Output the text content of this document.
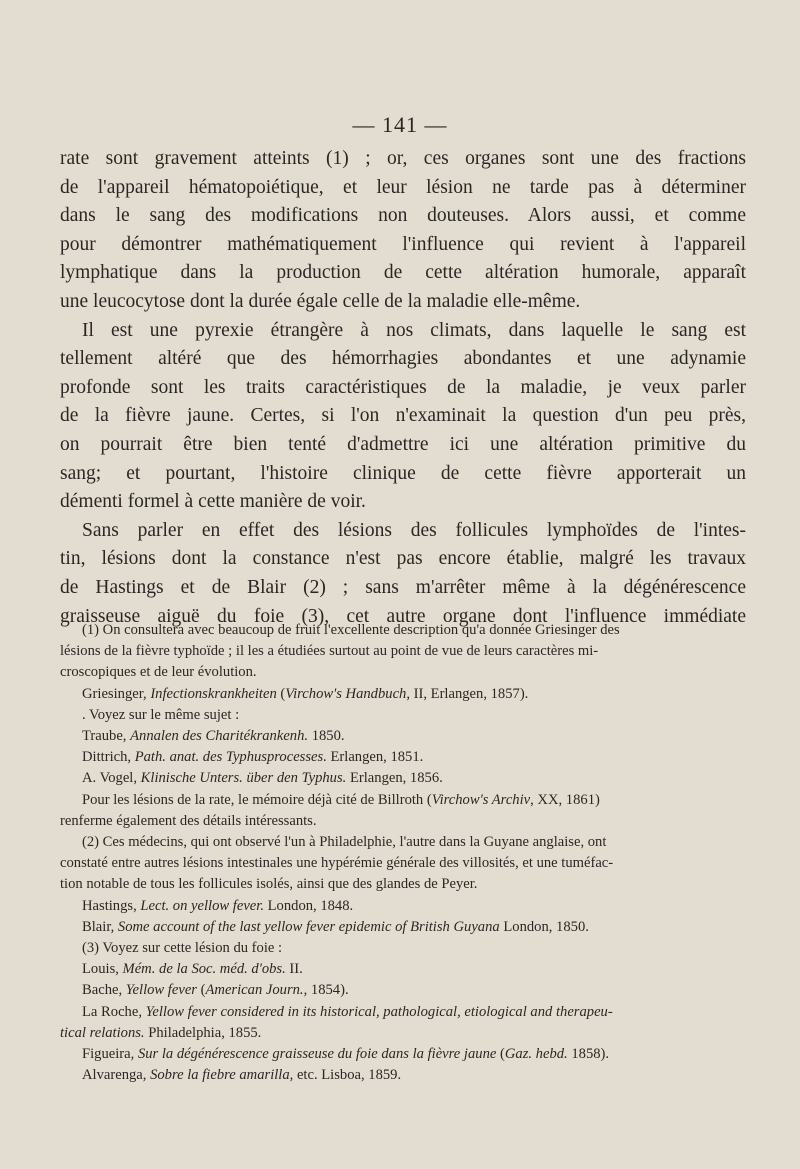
— 141 —

rate sont gravement atteints (1) ; or, ces organes sont une des fractions

de l'appareil hématopoiétique, et leur lésion ne tarde pas à déterminer

dans le sang des modifications non douteuses. Alors aussi, et comme

pour démontrer mathématiquement l'influence qui revient à l'appareil

lymphatique dans la production de cette altération humorale, apparaît

une leucocytose dont la durée égale celle de la maladie elle-même.

Il est une pyrexie étrangère à nos climats, dans laquelle le sang est

tellement altéré que des hémorrhagies abondantes et une adynamie

profonde sont les traits caractéristiques de la maladie, je veux parler

de la fièvre jaune. Certes, si l'on n'examinait la question d'un peu près,

on pourrait être bien tenté d'admettre ici une altération primitive du

sang; et pourtant, l'histoire clinique de cette fièvre apporterait un

démenti formel à cette manière de voir.

Sans parler en effet des lésions des follicules lymphoïdes de l'intes-

tin, lésions dont la constance n'est pas encore établie, malgré les travaux

de Hastings et de Blair (2) ; sans m'arrêter même à la dégénérescence

graisseuse aiguë du foie (3), cet autre organe dont l'influence immédiate

(1) On consultera avec beaucoup de fruit l'excellente description qu'a donnée Griesinger des

lésions de la fièvre typhoïde ; il les a étudiées surtout au point de vue de leurs caractères mi-

croscopiques et de leur évolution.

Griesinger, Infectionskrankheiten (Virchow's Handbuch, II, Erlangen, 1857).

. Voyez sur le même sujet :

Traube, Annalen des Charitékrankenh. 1850.

Dittrich, Path. anat. des Typhusprocesses. Erlangen, 1851.

A. Vogel, Klinische Unters. über den Typhus. Erlangen, 1856.

Pour les lésions de la rate, le mémoire déjà cité de Billroth (Virchow's Archiv, XX, 1861)

renferme également des détails intéressants.

(2) Ces médecins, qui ont observé l'un à Philadelphie, l'autre dans la Guyane anglaise, ont

constaté entre autres lésions intestinales une hypérémie générale des villosités, et une tuméfac-

tion notable de tous les follicules isolés, ainsi que des glandes de Peyer.

Hastings, Lect. on yellow fever. London, 1848.

Blair, Some account of the last yellow fever epidemic of British Guyana London, 1850.

(3) Voyez sur cette lésion du foie :

Louis, Mém. de la Soc. méd. d'obs. II.

Bache, Yellow fever (American Journ., 1854).

La Roche, Yellow fever considered in its historical, pathological, etiological and therapeu-

tical relations. Philadelphia, 1855.

Figueira, Sur la dégénérescence graisseuse du foie dans la fièvre jaune (Gaz. hebd. 1858).

Alvarenga, Sobre la fiebre amarilla, etc. Lisboa, 1859.
